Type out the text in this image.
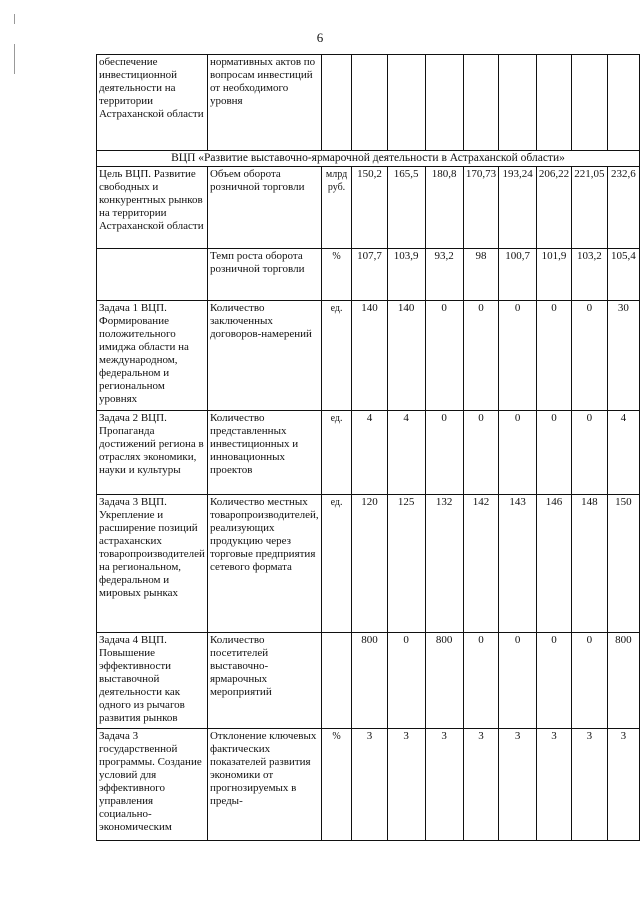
6
обеспечение инвестиционной деятельности на территории Астраханской области	нормативных актов по вопросам инвестиций от необходимого уровня									
ВЦП «Развитие выставочно-ярмарочной деятельности в Астраханской области»										
Цель ВЦП. Развитие свободных и конкурентных рынков на территории Астраханской области	Объем оборота розничной торговли	млрд руб.	150,2	165,5	180,8	170,73	193,24	206,22	221,05	232,6
	Темп роста оборота розничной торговли	%	107,7	103,9	93,2	98	100,7	101,9	103,2	105,4
Задача 1 ВЦП. Формирование положительного имиджа области на международном, федеральном и региональном уровнях	Количество заключенных договоров-намерений	ед.	140	140	0	0	0	0	0	30
Задача 2 ВЦП. Пропаганда достижений региона в отраслях экономики, науки и культуры	Количество представленных инвестиционных и инновационных проектов	ед.	4	4	0	0	0	0	0	4
Задача 3 ВЦП. Укрепление и расширение позиций астраханских товаропроизводителей на региональном, федеральном и мировых рынках	Количество местных товаропроизводителей, реализующих продукцию через торговые предприятия сетевого формата	ед.	120	125	132	142	143	146	148	150
Задача 4 ВЦП. Повышение эффективности выставочной деятельности как одного из рычагов развития рынков	Количество посетителей выставочно-ярмарочных мероприятий		800	0	800	0	0	0	0	800
Задача 3 государственной программы. Создание условий для эффективного управления социально-экономическим	Отклонение ключевых фактических показателей развития экономики от прогнозируемых в преды-	%	3	3	3	3	3	3	3	3
